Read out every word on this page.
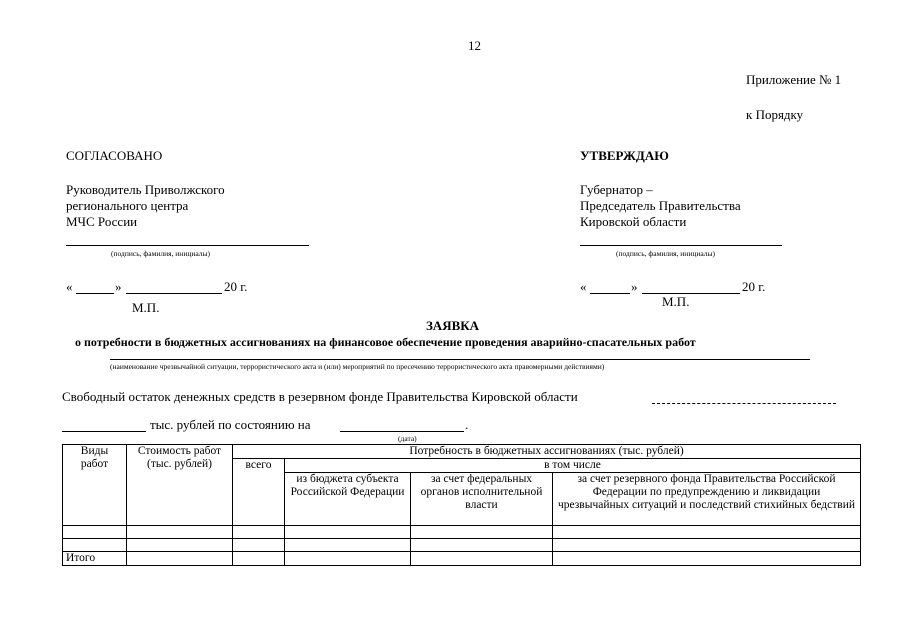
12
Приложение № 1
к Порядку
СОГЛАСОВАНО
Руководитель Приволжского
регионального центра
МЧС России
(подпись, фамилия, инициалы)
«	»	20 г.
М.П.
УТВЕРЖДАЮ
Губернатор –
Председатель Правительства
Кировской области
(подпись, фамилия, инициалы)
«	»	20 г.
М.П.
ЗАЯВКА
о потребности в бюджетных ассигнованиях на финансовое обеспечение проведения аварийно-спасательных работ
(наименование чрезвычайной ситуации, террористического акта и (или) мероприятий по пресечению террористического акта правомерными действиями)
Свободный остаток денежных средств в резервном фонде Правительства Кировской области
тыс. рублей по состоянию на	.
(дата)
Виды работ	Стоимость работ (тыс. рублей)	Потребность в бюджетных ассигнованиях (тыс. рублей)			
		всего	в том числе		
			из бюджета субъекта Российской Федерации	за счет федеральных органов исполнительной власти	за счет резервного фонда Правительства Российской Федерации по предупреждению и ликвидации чрезвычайных ситуаций и последствий стихийных бедствий

Итого					
